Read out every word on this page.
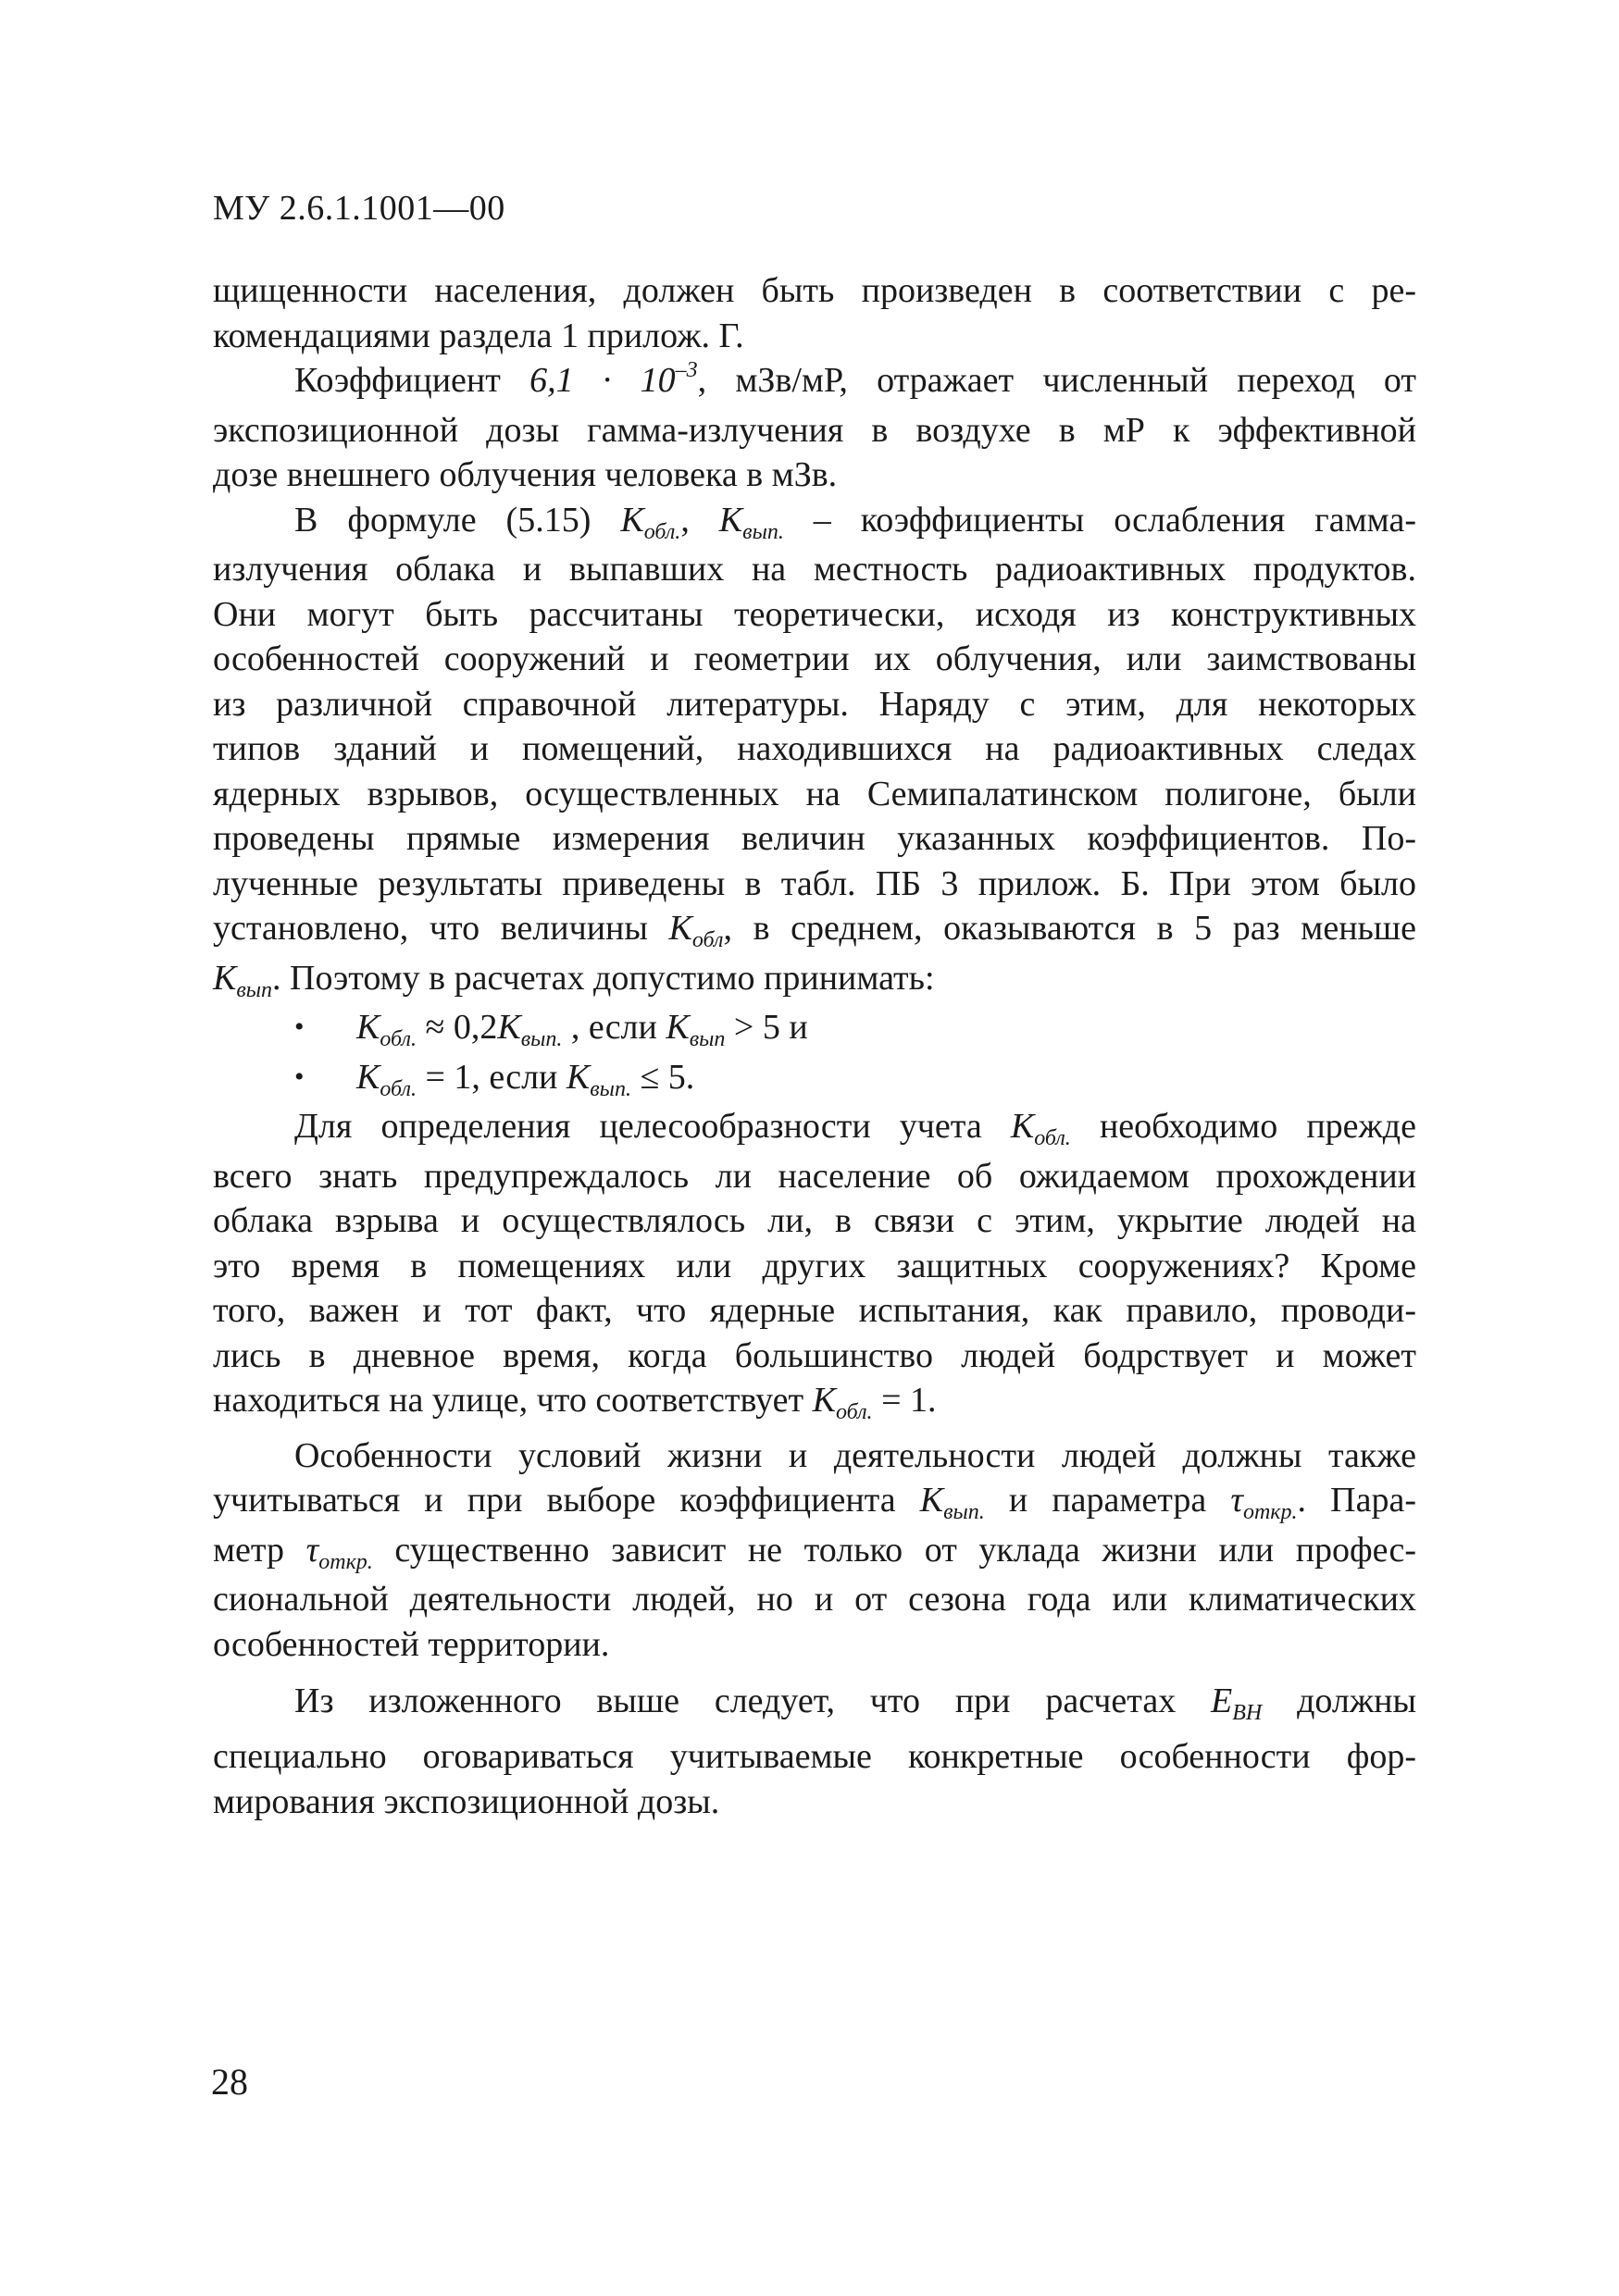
МУ 2.6.1.1001—00
щищенности населения, должен быть произведен в соответствии с ре-
комендациями раздела 1 прилож. Г.
Коэффициент $6,1 \cdot 10^{-3}$, мЗв/мР, отражает численный переход от
экспозиционной дозы гамма-излучения в воздухе в мР к эффективной
дозе внешнего облучения человека в мЗв.
В формуле (5.15) $K_{обл.}$, $K_{вып.}$ – коэффициенты ослабления гамма-
излучения облака и выпавших на местность радиоактивных продуктов.
Они могут быть рассчитаны теоретически, исходя из конструктивных
особенностей сооружений и геометрии их облучения, или заимствованы
из различной справочной литературы. Наряду с этим, для некоторых
типов зданий и помещений, находившихся на радиоактивных следах
ядерных взрывов, осуществленных на Семипалатинском полигоне, были
проведены прямые измерения величин указанных коэффициентов. По-
лученные результаты приведены в табл. ПБ 3 прилож. Б. При этом было
установлено, что величины $K_{обл}$, в среднем, оказываются в 5 раз меньше
$K_{вып}$. Поэтому в расчетах допустимо принимать:
•	$K_{обл.} \approx 0,2K_{вып.}$ , если $K_{вып} > 5$ и
•	$K_{обл.} = 1$, если $K_{вып.} \le 5$.
Для определения целесообразности учета $K_{обл.}$ необходимо прежде
всего знать предупреждалось ли население об ожидаемом прохождении
облака взрыва и осуществлялось ли, в связи с этим, укрытие людей на
это время в помещениях или других защитных сооружениях? Кроме
того, важен и тот факт, что ядерные испытания, как правило, проводи-
лись в дневное время, когда большинство людей бодрствует и может
находиться на улице, что соответствует $K_{обл.} = 1$.
Особенности условий жизни и деятельности людей должны также
учитываться и при выборе коэффициента $K_{вып.}$ и параметра $\tau_{откр.}$. Пара-
метр $\tau_{откр.}$ существенно зависит не только от уклада жизни или профес-
сиональной деятельности людей, но и от сезона года или климатических
особенностей территории.
Из изложенного выше следует, что при расчетах $E_{ВН}$ должны
специально оговариваться учитываемые конкретные особенности фор-
мирования экспозиционной дозы.
28
